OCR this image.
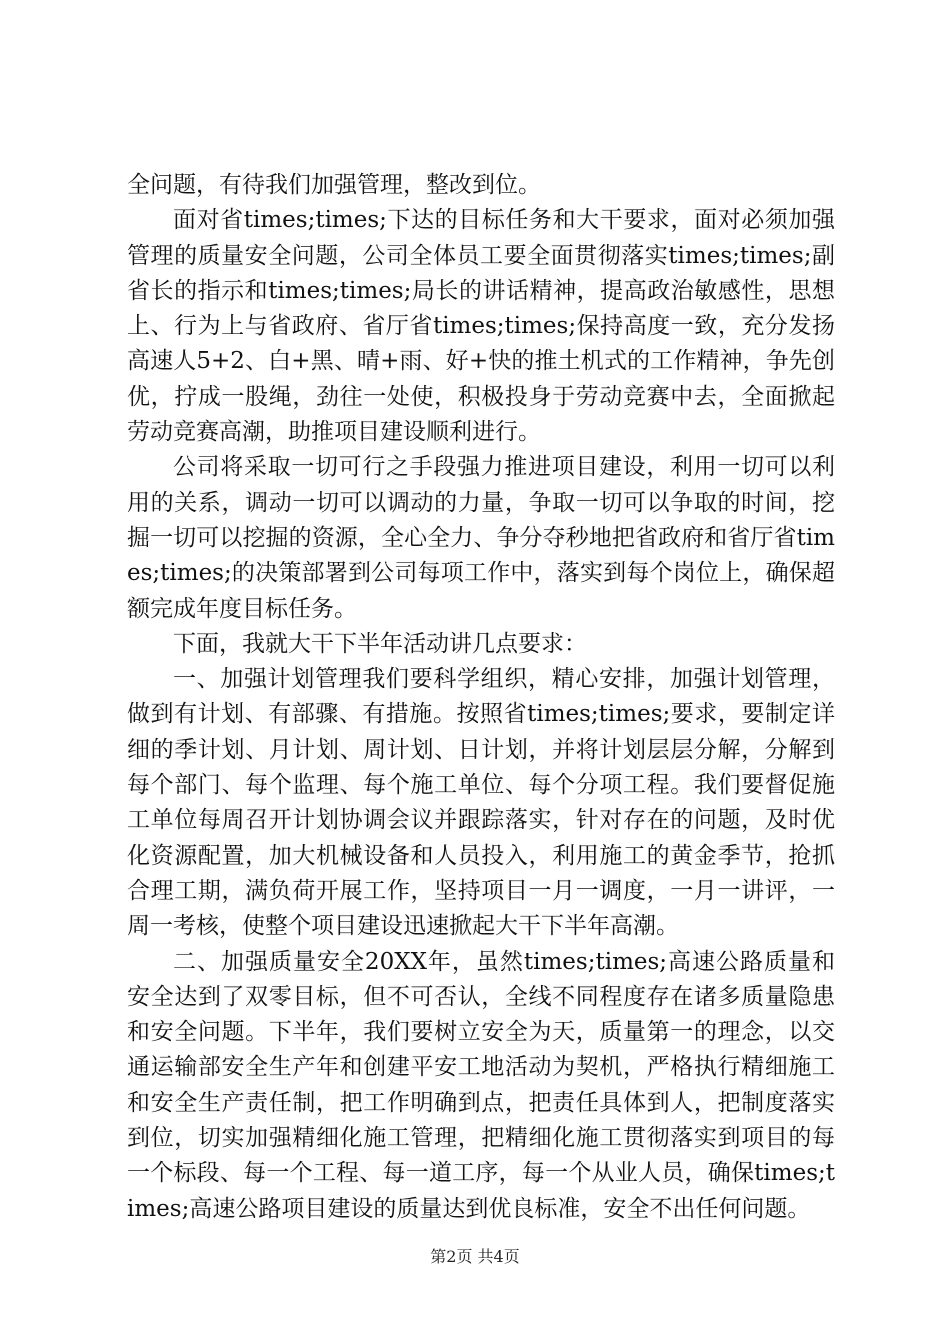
全问题，有待我们加强管理，整改到位。

面对省times;times;下达的目标任务和大干要求，面对必须加强管理的质量安全问题，公司全体员工要全面贯彻落实times;times;副省长的指示和times;times;局长的讲话精神，提高政治敏感性，思想上、行为上与省政府、省厅省times;times;保持高度一致，充分发扬高速人5+2、白+黑、晴+雨、好+快的推土机式的工作精神，争先创优，拧成一股绳，劲往一处使，积极投身于劳动竞赛中去，全面掀起劳动竞赛高潮，助推项目建设顺利进行。

公司将采取一切可行之手段强力推进项目建设，利用一切可以利用的关系，调动一切可以调动的力量，争取一切可以争取的时间，挖掘一切可以挖掘的资源，全心全力、争分夺秒地把省政府和省厅省times;times;的决策部署到公司每项工作中，落实到每个岗位上，确保超额完成年度目标任务。

下面，我就大干下半年活动讲几点要求：

一、加强计划管理我们要科学组织，精心安排，加强计划管理，做到有计划、有部骤、有措施。按照省times;times;要求，要制定详细的季计划、月计划、周计划、日计划，并将计划层层分解，分解到每个部门、每个监理、每个施工单位、每个分项工程。我们要督促施工单位每周召开计划协调会议并跟踪落实，针对存在的问题，及时优化资源配置，加大机械设备和人员投入，利用施工的黄金季节，抢抓合理工期，满负荷开展工作，坚持项目一月一调度，一月一讲评，一周一考核，使整个项目建设迅速掀起大干下半年高潮。

二、加强质量安全20XX年，虽然times;times;高速公路质量和安全达到了双零目标，但不可否认，全线不同程度存在诸多质量隐患和安全问题。下半年，我们要树立安全为天，质量第一的理念，以交通运输部安全生产年和创建平安工地活动为契机，严格执行精细施工和安全生产责任制，把工作明确到点，把责任具体到人，把制度落实到位，切实加强精细化施工管理，把精细化施工贯彻落实到项目的每一个标段、每一个工程、每一道工序，每一个从业人员，确保times;times;高速公路项目建设的质量达到优良标准，安全不出任何问题。

第2页 共4页
